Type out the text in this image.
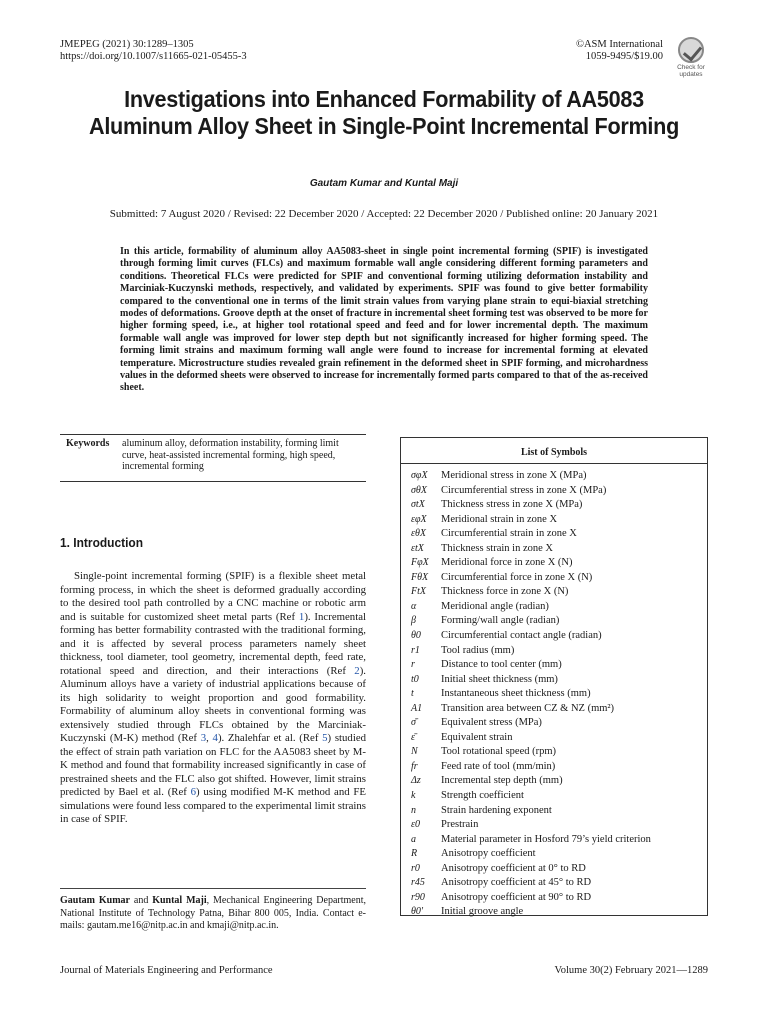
JMEPEG (2021) 30:1289–1305
https://doi.org/10.1007/s11665-021-05455-3
©ASM International
1059-9495/$19.00
Check for updates
Investigations into Enhanced Formability of AA5083 Aluminum Alloy Sheet in Single-Point Incremental Forming
Gautam Kumar and Kuntal Maji
Submitted: 7 August 2020 / Revised: 22 December 2020 / Accepted: 22 December 2020 / Published online: 20 January 2021
In this article, formability of aluminum alloy AA5083-sheet in single point incremental forming (SPIF) is investigated through forming limit curves (FLCs) and maximum formable wall angle considering different forming parameters and conditions. Theoretical FLCs were predicted for SPIF and conventional forming utilizing deformation instability and Marciniak-Kuczynski methods, respectively, and validated by experiments. SPIF was found to give better formability compared to the conventional one in terms of the limit strain values from varying plane strain to equi-biaxial stretching modes of deformations. Groove depth at the onset of fracture in incremental sheet forming test was observed to be more for higher forming speed, i.e., at higher tool rotational speed and feed and for lower incremental depth. The maximum formable wall angle was improved for lower step depth but not significantly increased for higher forming speed. The forming limit strains and maximum forming wall angle were found to increase for incremental forming at elevated temperature. Microstructure studies revealed grain refinement in the deformed sheet in SPIF forming, and microhardness values in the deformed sheets were observed to increase for incrementally formed parts compared to that of the as-received sheet.
Keywords	aluminum alloy, deformation instability, forming limit curve, heat-assisted incremental forming, high speed, incremental forming
1. Introduction
Single-point incremental forming (SPIF) is a flexible sheet metal forming process, in which the sheet is deformed gradually according to the desired tool path controlled by a CNC machine or robotic arm and is suitable for customized sheet metal parts (Ref 1). Incremental forming has better formability contrasted with the traditional forming, and it is affected by several process parameters namely sheet thickness, tool diameter, tool geometry, incremental depth, feed rate, rotational speed and direction, and their interactions (Ref 2). Aluminum alloys have a variety of industrial applications because of its high solidarity to weight proportion and good formability. Formability of aluminum alloy sheets in conventional forming was extensively studied through FLCs obtained by the Marciniak-Kuczynski (M-K) method (Ref 3, 4). Zhalehfar et al. (Ref 5) studied the effect of strain path variation on FLC for the AA5083 sheet by M-K method and found that formability increased significantly in case of prestrained sheets and the FLC also got shifted. However, limit strains predicted by Bael et al. (Ref 6) using modified M-K method and FE simulations were found less compared to the experimental limit strains in case of SPIF.
Gautam Kumar and Kuntal Maji, Mechanical Engineering Department, National Institute of Technology Patna, Bihar 800 005, India. Contact e-mails: gautam.me16@nitp.ac.in and kmaji@nitp.ac.in.
List of Symbols
σφX	Meridional stress in zone X (MPa)
σθX	Circumferential stress in zone X (MPa)
σtX	Thickness stress in zone X (MPa)
εφX	Meridional strain in zone X
εθX	Circumferential strain in zone X
εtX	Thickness strain in zone X
FφX	Meridional force in zone X (N)
FθX	Circumferential force in zone X (N)
FtX	Thickness force in zone X (N)
α	Meridional angle (radian)
β	Forming/wall angle (radian)
θ0	Circumferential contact angle (radian)
r1	Tool radius (mm)
r	Distance to tool center (mm)
t0	Initial sheet thickness (mm)
t	Instantaneous sheet thickness (mm)
A1	Transition area between CZ & NZ (mm²)
σ̄	Equivalent stress (MPa)
ε̄	Equivalent strain
N	Tool rotational speed (rpm)
fr	Feed rate of tool (mm/min)
Δz	Incremental step depth (mm)
k	Strength coefficient
n	Strain hardening exponent
ε0	Prestrain
a	Material parameter in Hosford 79’s yield criterion
R	Anisotropy coefficient
r0	Anisotropy coefficient at 0° to RD
r45	Anisotropy coefficient at 45° to RD
r90	Anisotropy coefficient at 90° to RD
θ0′	Initial groove angle
Journal of Materials Engineering and Performance	Volume 30(2) February 2021—1289
